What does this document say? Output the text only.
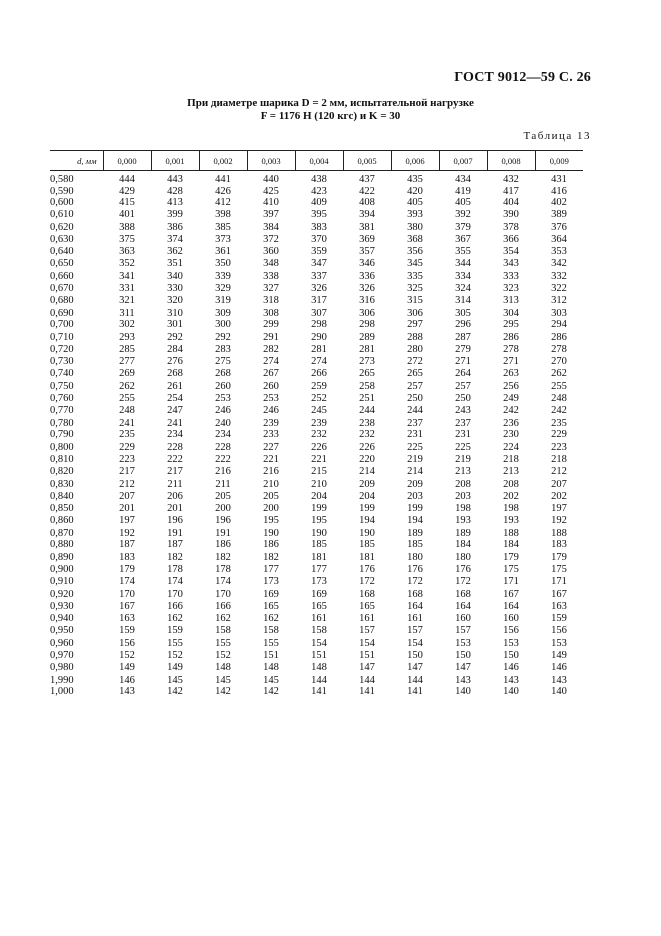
ГОСТ 9012—59 С. 26
При диаметре шарика D = 2 мм, испытательной нагрузке
F = 1176 Н (120 кгс) и K = 30
Таблица 13
d, мм	0,000	0,001	0,002	0,003	0,004	0,005	0,006	0,007	0,008	0,009
0,580	444	443	441	440	438	437	435	434	432	431
0,590	429	428	426	425	423	422	420	419	417	416
0,600	415	413	412	410	409	408	405	405	404	402
0,610	401	399	398	397	395	394	393	392	390	389
0,620	388	386	385	384	383	381	380	379	378	376
0,630	375	374	373	372	370	369	368	367	366	364
0,640	363	362	361	360	359	357	356	355	354	353
0,650	352	351	350	348	347	346	345	344	343	342
0,660	341	340	339	338	337	336	335	334	333	332
0,670	331	330	329	327	326	326	325	324	323	322
0,680	321	320	319	318	317	316	315	314	313	312
0,690	311	310	309	308	307	306	306	305	304	303
0,700	302	301	300	299	298	298	297	296	295	294
0,710	293	292	292	291	290	289	288	287	286	286
0,720	285	284	283	282	281	281	280	279	278	278
0,730	277	276	275	274	274	273	272	271	271	270
0,740	269	268	268	267	266	265	265	264	263	262
0,750	262	261	260	260	259	258	257	257	256	255
0,760	255	254	253	253	252	251	250	250	249	248
0,770	248	247	246	246	245	244	244	243	242	242
0,780	241	241	240	239	239	238	237	237	236	235
0,790	235	234	234	233	232	232	231	231	230	229
0,800	229	228	228	227	226	226	225	225	224	223
0,810	223	222	222	221	221	220	219	219	218	218
0,820	217	217	216	216	215	214	214	213	213	212
0,830	212	211	211	210	210	209	209	208	208	207
0,840	207	206	205	205	204	204	203	203	202	202
0,850	201	201	200	200	199	199	199	198	198	197
0,860	197	196	196	195	195	194	194	193	193	192
0,870	192	191	191	190	190	190	189	189	188	188
0,880	187	187	186	186	185	185	185	184	184	183
0,890	183	182	182	182	181	181	180	180	179	179
0,900	179	178	178	177	177	176	176	176	175	175
0,910	174	174	174	173	173	172	172	172	171	171
0,920	170	170	170	169	169	168	168	168	167	167
0,930	167	166	166	165	165	165	164	164	164	163
0,940	163	162	162	162	161	161	161	160	160	159
0,950	159	159	158	158	158	157	157	157	156	156
0,960	156	155	155	155	154	154	154	153	153	153
0,970	152	152	152	151	151	151	150	150	150	149
0,980	149	149	148	148	148	147	147	147	146	146
1,990	146	145	145	145	144	144	144	143	143	143
1,000	143	142	142	142	141	141	141	140	140	140
